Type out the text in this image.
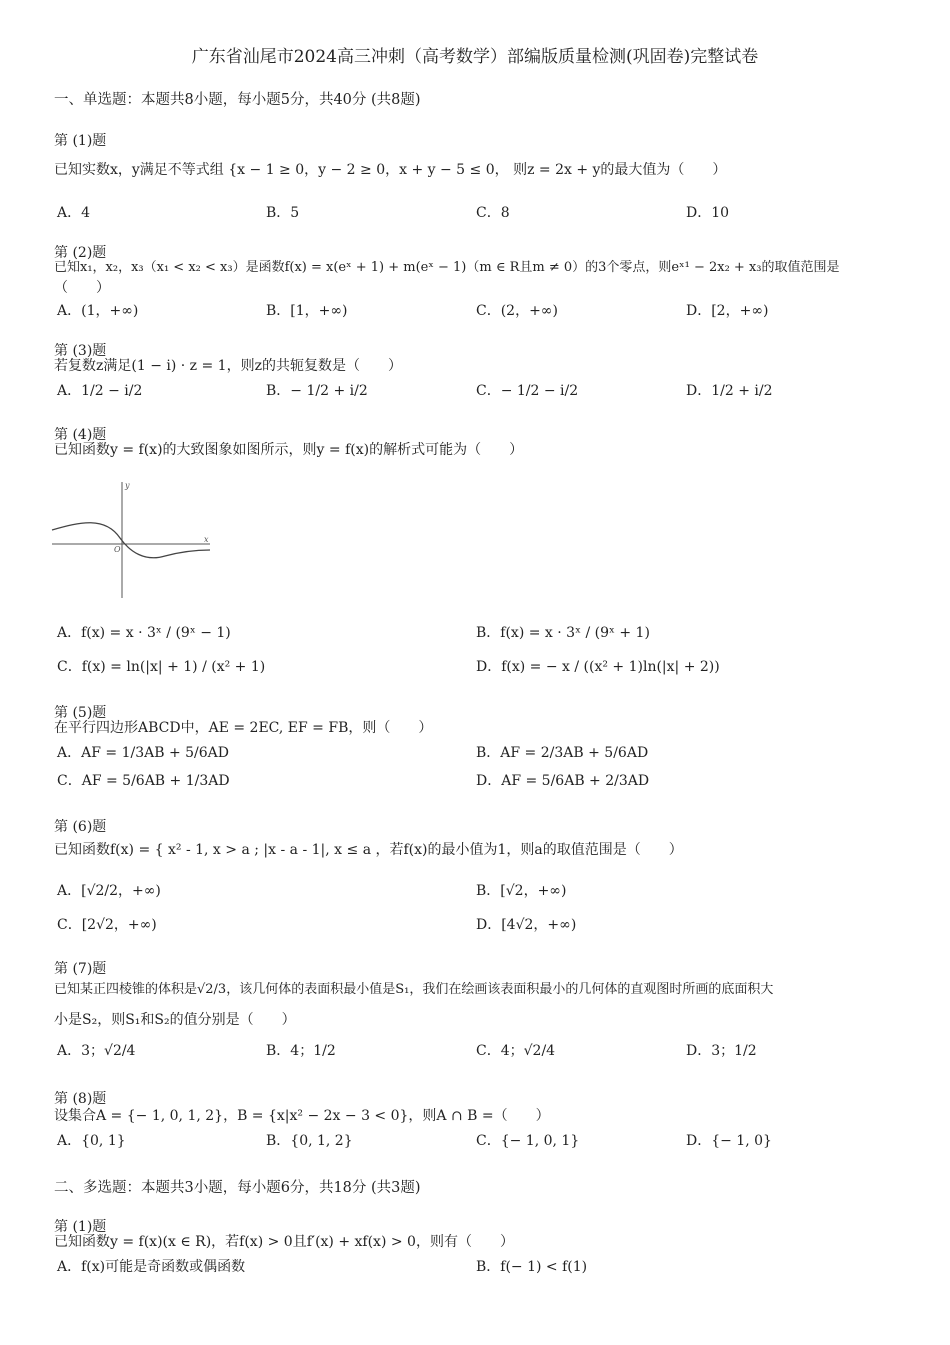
广东省汕尾市2024高三冲刺（高考数学）部编版质量检测(巩固卷)完整试卷
一、单选题：本题共8小题，每小题5分，共40分 (共8题)
第 (1)题
已知实数x，y满足不等式组 {x − 1 ≥ 0，y − 2 ≥ 0，x + y − 5 ≤ 0， 则z = 2x + y的最大值为（　　）
A．4	B．5	C．8	D．10
第 (2)题
已知x₁，x₂，x₃（x₁ < x₂ < x₃）是函数f(x) = x(eˣ + 1) + m(eˣ − 1)（m ∈ R且m ≠ 0）的3个零点，则eˣ¹ − 2x₂ + x₃的取值范围是
（　　）
A．(1，+∞)	B．[1，+∞)	C．(2，+∞)	D．[2，+∞)
第 (3)题
若复数z满足(1 − i) · z = 1，则z的共轭复数是（　　）
A．1/2 − i/2	B．− 1/2 + i/2	C．− 1/2 − i/2	D．1/2 + i/2
第 (4)题
已知函数y = f(x)的大致图象如图所示，则y = f(x)的解析式可能为（　　）
x
y
O
A．f(x) = x · 3ˣ / (9ˣ − 1)	B．f(x) = x · 3ˣ / (9ˣ + 1)
C．f(x) = ln(|x| + 1) / (x² + 1)	D．f(x) = − x / ((x² + 1)ln(|x| + 2))
第 (5)题
在平行四边形ABCD中，AE = 2EC, EF = FB，则（　　）
A．AF = 1/3AB + 5/6AD	B．AF = 2/3AB + 5/6AD
C．AF = 5/6AB + 1/3AD	D．AF = 5/6AB + 2/3AD
第 (6)题
已知函数f(x) = { x² - 1, x > a ; |x - a - 1|, x ≤ a ，若f(x)的最小值为1，则a的取值范围是（　　）
A．[√2/2，+∞)	B．[√2，+∞)
C．[2√2，+∞)	D．[4√2，+∞)
第 (7)题
已知某正四棱锥的体积是√2/3，该几何体的表面积最小值是S₁，我们在绘画该表面积最小的几何体的直观图时所画的底面积大
小是S₂，则S₁和S₂的值分别是（　　）
A．3；√2/4	B．4；1/2	C．4；√2/4	D．3；1/2
第 (8)题
设集合A = {− 1, 0, 1, 2}，B = {x|x² − 2x − 3 < 0}，则A ∩ B =（　　）
A．{0, 1}	B．{0, 1, 2}	C．{− 1, 0, 1}	D．{− 1, 0}
二、多选题：本题共3小题，每小题6分，共18分 (共3题)
第 (1)题
已知函数y = f(x)(x ∈ R)，若f(x) > 0且f′(x) + xf(x) > 0，则有（　　）
A．f(x)可能是奇函数或偶函数	B．f(− 1) < f(1)
